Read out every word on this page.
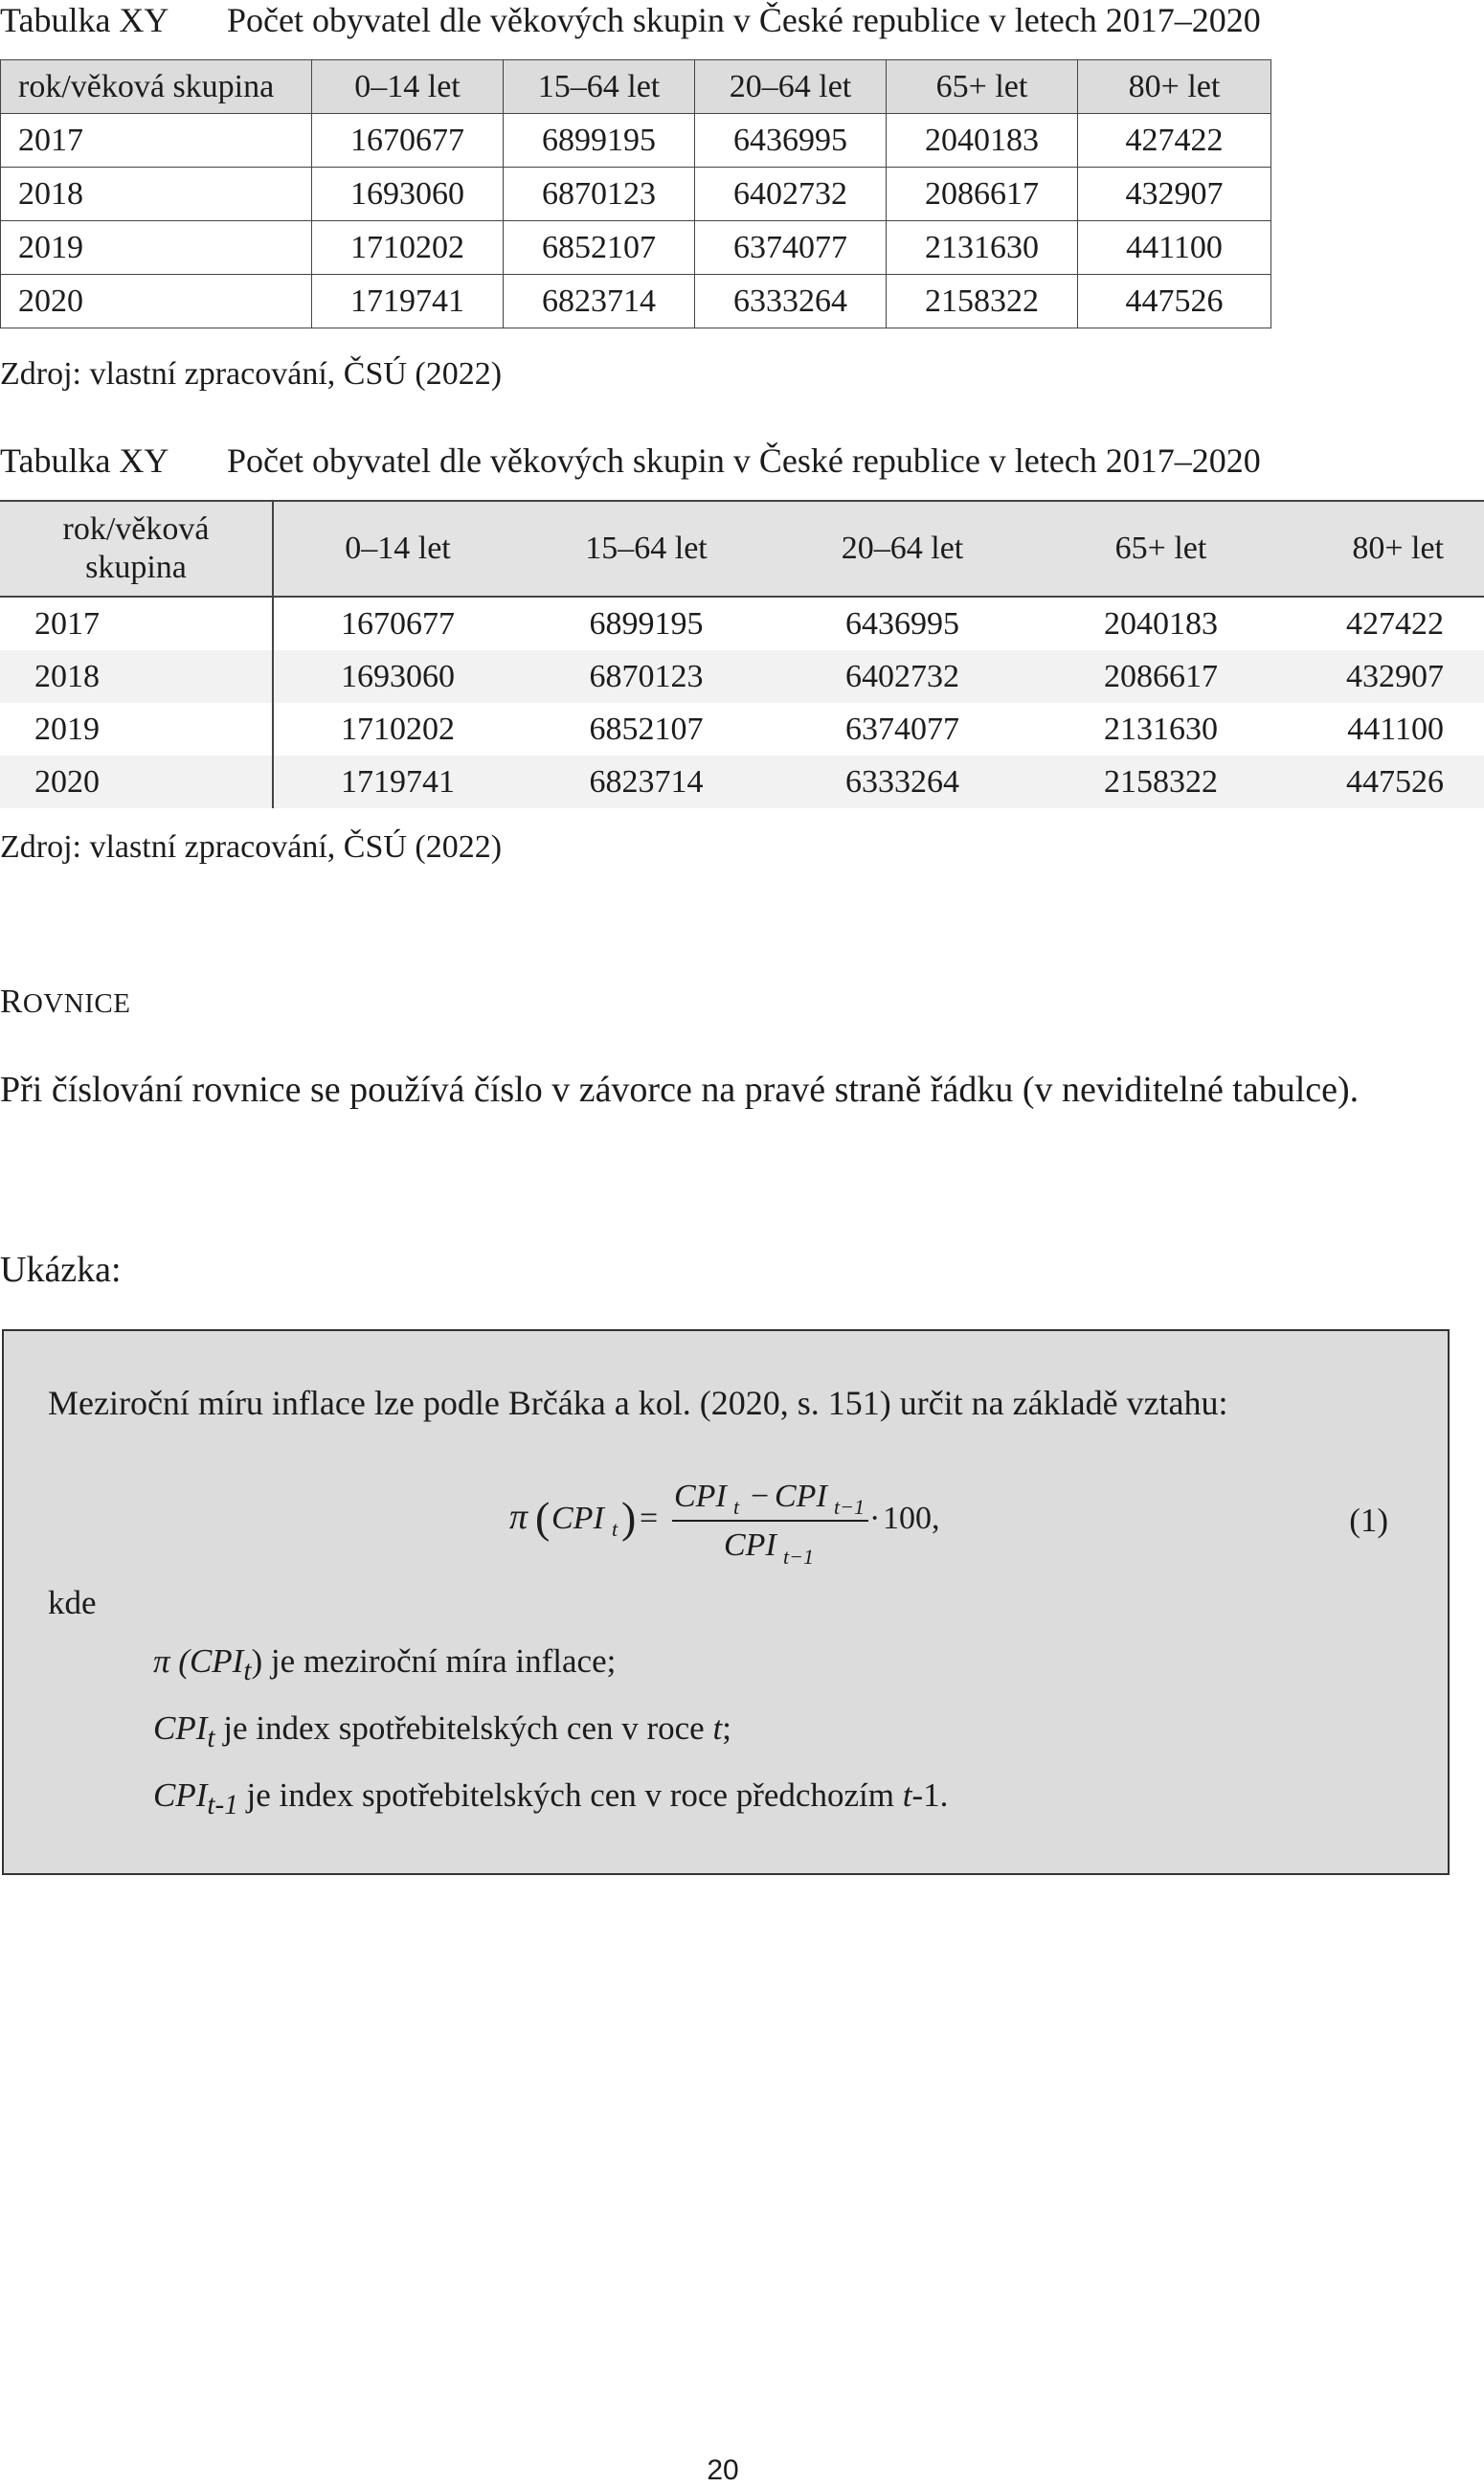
Tabulka XY Počet obyvatel dle věkových skupin v České republice v letech 2017–2020
rok/věková skupina	0–14 let	15–64 let	20–64 let	65+ let	80+ let
2017	1670677	6899195	6436995	2040183	427422
2018	1693060	6870123	6402732	2086617	432907
2019	1710202	6852107	6374077	2131630	441100
2020	1719741	6823714	6333264	2158322	447526
Zdroj: vlastní zpracování, ČSÚ (2022)
Tabulka XY Počet obyvatel dle věkových skupin v České republice v letech 2017–2020
rok/věková
skupina	0–14 let	15–64 let	20–64 let	65+ let	80+ let
2017	1670677	6899195	6436995	2040183	427422
2018	1693060	6870123	6402732	2086617	432907
2019	1710202	6852107	6374077	2131630	441100
2020	1719741	6823714	6333264	2158322	447526
Zdroj: vlastní zpracování, ČSÚ (2022)
ROVNICE
Při číslování rovnice se používá číslo v závorce na pravé straně řádku (v neviditelné tabulce).
Ukázka:
Meziroční míru inflace lze podle Brčáka a kol. (2020, s. 151) určit na základě vztahu:
π ( CPI t ) =
CPI t − CPI t−1
CPI t−1
· 100,	(1)
kde
π $(CPI_t)$ je meziroční míra inflace;
$CPI_t$ je index spotřebitelských cen v roce t;
$CPI_{t-1}$ je index spotřebitelských cen v roce předchozím t-1.
20
